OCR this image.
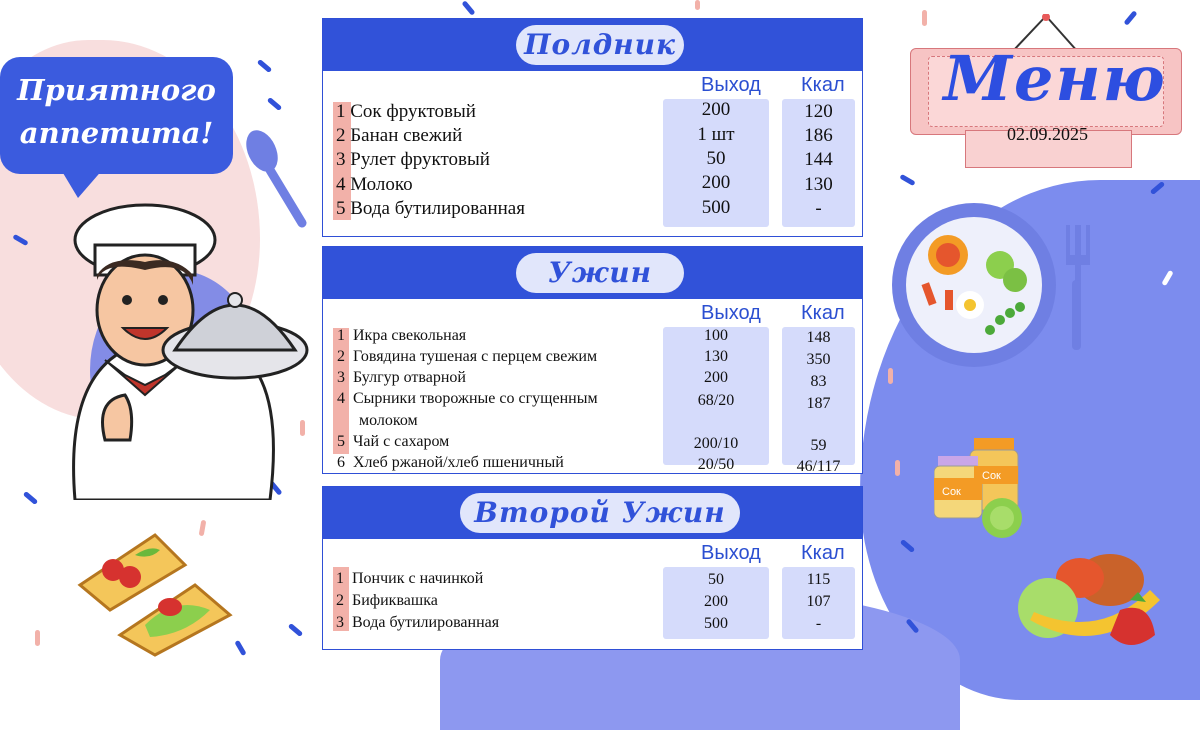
Приятного
аппетита!
Полдник
Выход Ккал
1 Сок фруктовый	200	120
2 Банан свежий	1 шт	186
3 Рулет фруктовый	50	144
4 Молоко	200	130
5 Вода бутилированная	500	-
Ужин
Выход Ккал
1 Икра свекольная	100	148
2 Говядина тушеная с перцем свежим	130	350
3 Булгур отварной	200	83
4 Сырники творожные со сгущенным
молоком
68/20	187
5 Чай с сахаром	200/10	59
6 Хлеб ржаной/хлеб пшеничный	20/50	46/117
Второй Ужин
Выход Ккал
1 Пончик с начинкой	50	115
2 Бификвашка	200	107
3 Вода бутилированная	500	-
Меню
02.09.2025
Сок
Сок
